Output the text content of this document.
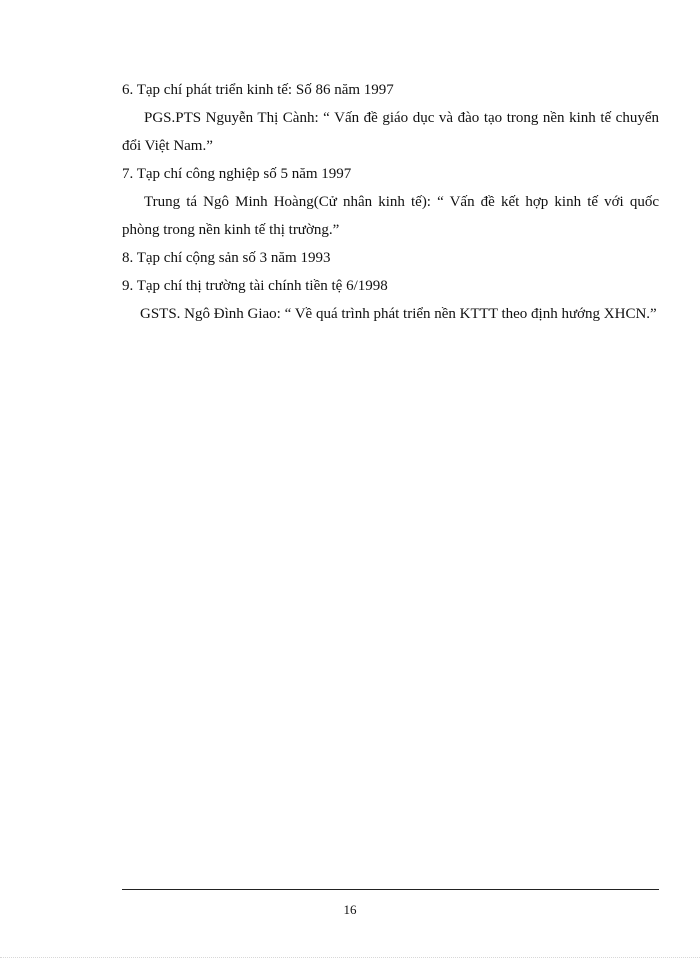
6. Tạp chí phát triển kinh tế: Số 86 năm 1997

PGS.PTS Nguyễn Thị Cành: “ Vấn đề giáo dục và đào tạo trong nền kinh tế chuyển đổi Việt Nam.”

7. Tạp chí công nghiệp số 5 năm 1997

Trung tá Ngô Minh Hoàng(Cử nhân kinh tế): “ Vấn đề kết hợp kinh tế với quốc phòng trong nền kinh tế thị trường.”

8. Tạp chí cộng sản số 3 năm 1993

9. Tạp chí thị trường tài chính tiền tệ 6/1998

GSTS. Ngô Đình Giao: “ Về quá trình phát triển nền KTTT theo định hướng XHCN.”

16
